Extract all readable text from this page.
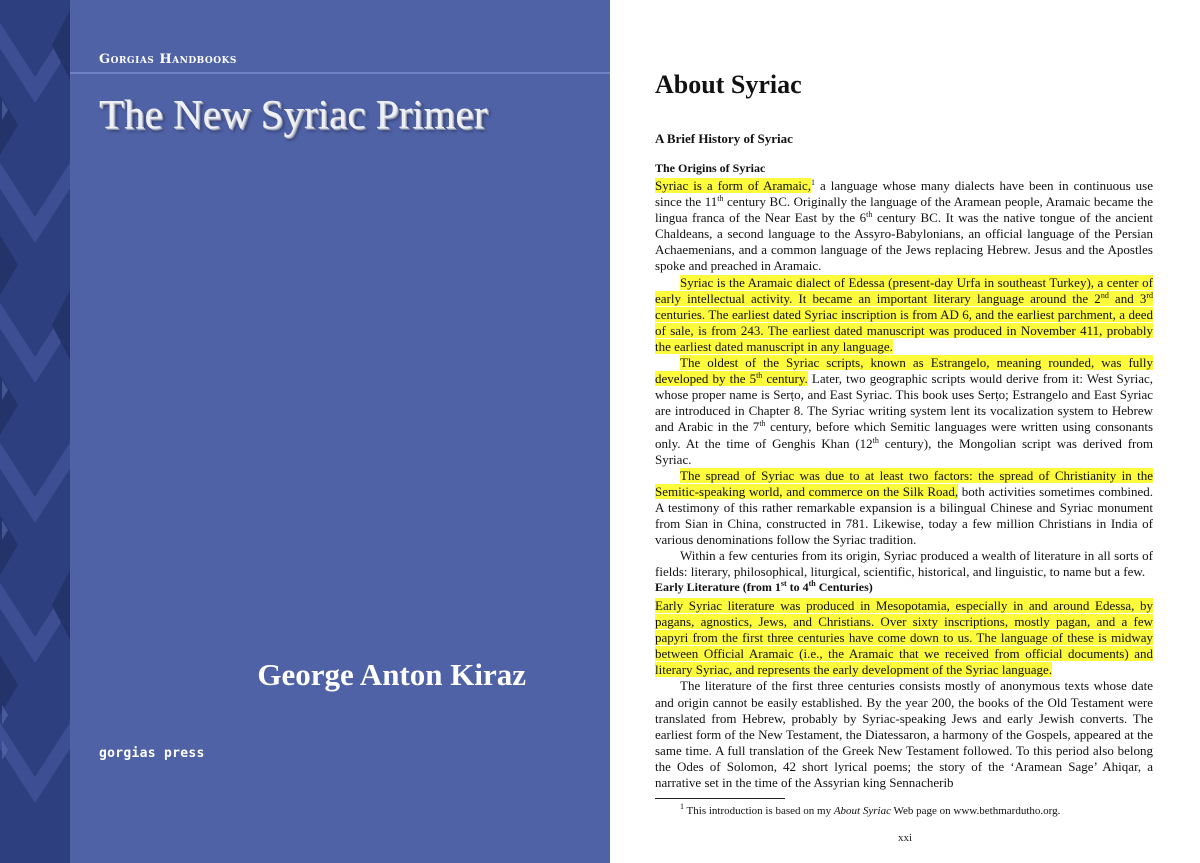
Gorgias Handbooks
The New Syriac Primer
George Anton Kiraz
gorgias press
About Syriac
A Brief History of Syriac
The Origins of Syriac

Syriac is a form of Aramaic,$^1$ a language whose many dialects have been in continuous use since the 11th century BC. Originally the language of the Aramean people, Aramaic became the lingua franca of the Near East by the 6th century BC. It was the native tongue of the ancient Chaldeans, a second language to the Assyro-Babylonians, an official language of the Persian Achaemenians, and a common language of the Jews replacing Hebrew. Jesus and the Apostles spoke and preached in Aramaic.

Syriac is the Aramaic dialect of Edessa (present-day Urfa in southeast Turkey), a center of early intellectual activity. It became an important literary language around the 2nd and 3rd centuries. The earliest dated Syriac inscription is from AD 6, and the earliest parchment, a deed of sale, is from 243. The earliest dated manuscript was produced in November 411, probably the earliest dated manuscript in any language.

The oldest of the Syriac scripts, known as Estrangelo, meaning rounded, was fully developed by the 5th century. Later, two geographic scripts would derive from it: West Syriac, whose proper name is Serṭo, and East Syriac. This book uses Serṭo; Estrangelo and East Syriac are introduced in Chapter 8. The Syriac writing system lent its vocalization system to Hebrew and Arabic in the 7th century, before which Semitic languages were written using consonants only. At the time of Genghis Khan (12th century), the Mongolian script was derived from Syriac.

The spread of Syriac was due to at least two factors: the spread of Christianity in the Semitic-speaking world, and commerce on the Silk Road, both activities sometimes combined. A testimony of this rather remarkable expansion is a bilingual Chinese and Syriac monument from Sian in China, constructed in 781. Likewise, today a few million Christians in India of various denominations follow the Syriac tradition.

Within a few centuries from its origin, Syriac produced a wealth of literature in all sorts of fields: literary, philosophical, liturgical, scientific, historical, and linguistic, to name but a few.

Early Literature (from 1st to 4th Centuries)

Early Syriac literature was produced in Mesopotamia, especially in and around Edessa, by pagans, agnostics, Jews, and Christians. Over sixty inscriptions, mostly pagan, and a few papyri from the first three centuries have come down to us. The language of these is midway between Official Aramaic (i.e., the Aramaic that we received from official documents) and literary Syriac, and represents the early development of the Syriac language.

The literature of the first three centuries consists mostly of anonymous texts whose date and origin cannot be easily established. By the year 200, the books of the Old Testament were translated from Hebrew, probably by Syriac-speaking Jews and early Jewish converts. The earliest form of the New Testament, the Diatessaron, a harmony of the Gospels, appeared at the same time. A full translation of the Greek New Testament followed. To this period also belong the Odes of Solomon, 42 short lyrical poems; the story of the ‘Aramean Sage’ Ahiqar, a narrative set in the time of the Assyrian king Sennacherib

$^1$ This introduction is based on my About Syriac Web page on www.bethmardutho.org.
xxi
